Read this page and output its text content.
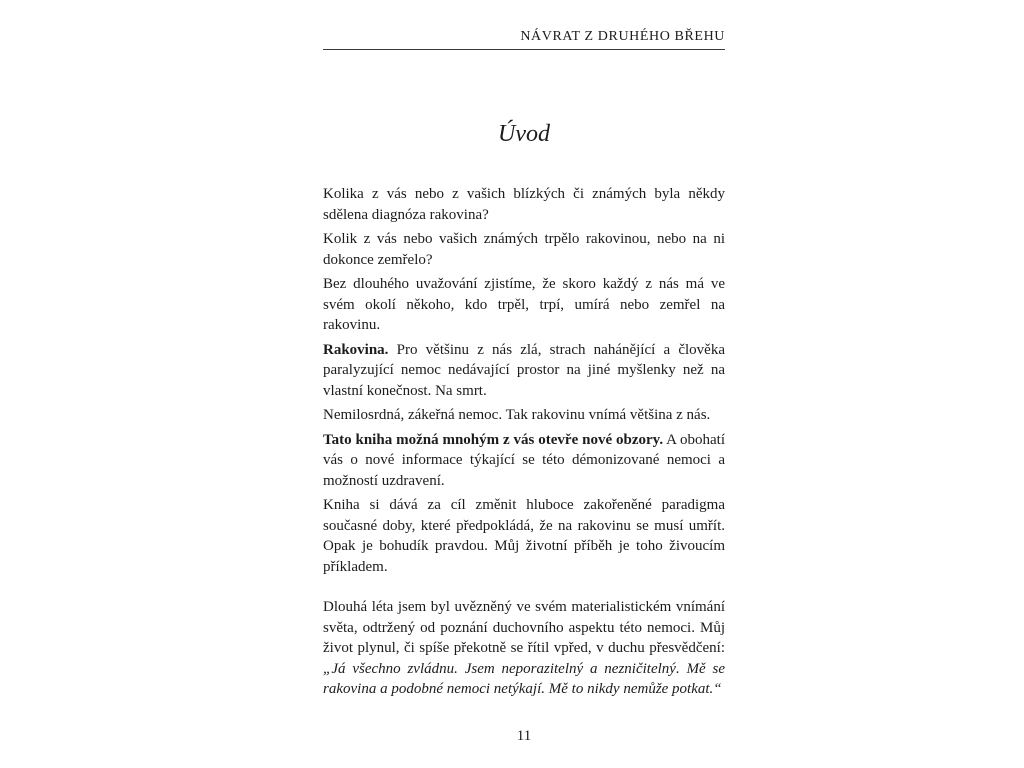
NÁVRAT Z DRUHÉHO BŘEHU
Úvod

Kolika z vás nebo z vašich blízkých či známých byla někdy sdělena diagnóza rakovina?

Kolik z vás nebo vašich známých trpělo rakovinou, nebo na ni dokonce zemřelo?

Bez dlouhého uvažování zjistíme, že skoro každý z nás má ve svém okolí někoho, kdo trpěl, trpí, umírá nebo zemřel na rakovinu.

Rakovina. Pro většinu z nás zlá, strach nahánějící a člověka paralyzující nemoc nedávající prostor na jiné myšlenky než na vlastní konečnost. Na smrt.

Nemilosrdná, zákeřná nemoc. Tak rakovinu vnímá většina z nás.

Tato kniha možná mnohým z vás otevře nové obzory. A obohatí vás o nové informace týkající se této démonizované nemoci a možností uzdravení.

Kniha si dává za cíl změnit hluboce zakořeněné paradigma současné doby, které předpokládá, že na rakovinu se musí umřít. Opak je bohudík pravdou. Můj životní příběh je toho živoucím příkladem.

Dlouhá léta jsem byl uvězněný ve svém materialistickém vnímání světa, odtržený od poznání duchovního aspektu této nemoci. Můj život plynul, či spíše překotně se řítil vpřed, v duchu přesvědčení: „Já všechno zvládnu. Jsem neporazitelný a nezničitelný. Mě se rakovina a podobné nemoci netýkají. Mě to nikdy nemůže potkat.“

11
